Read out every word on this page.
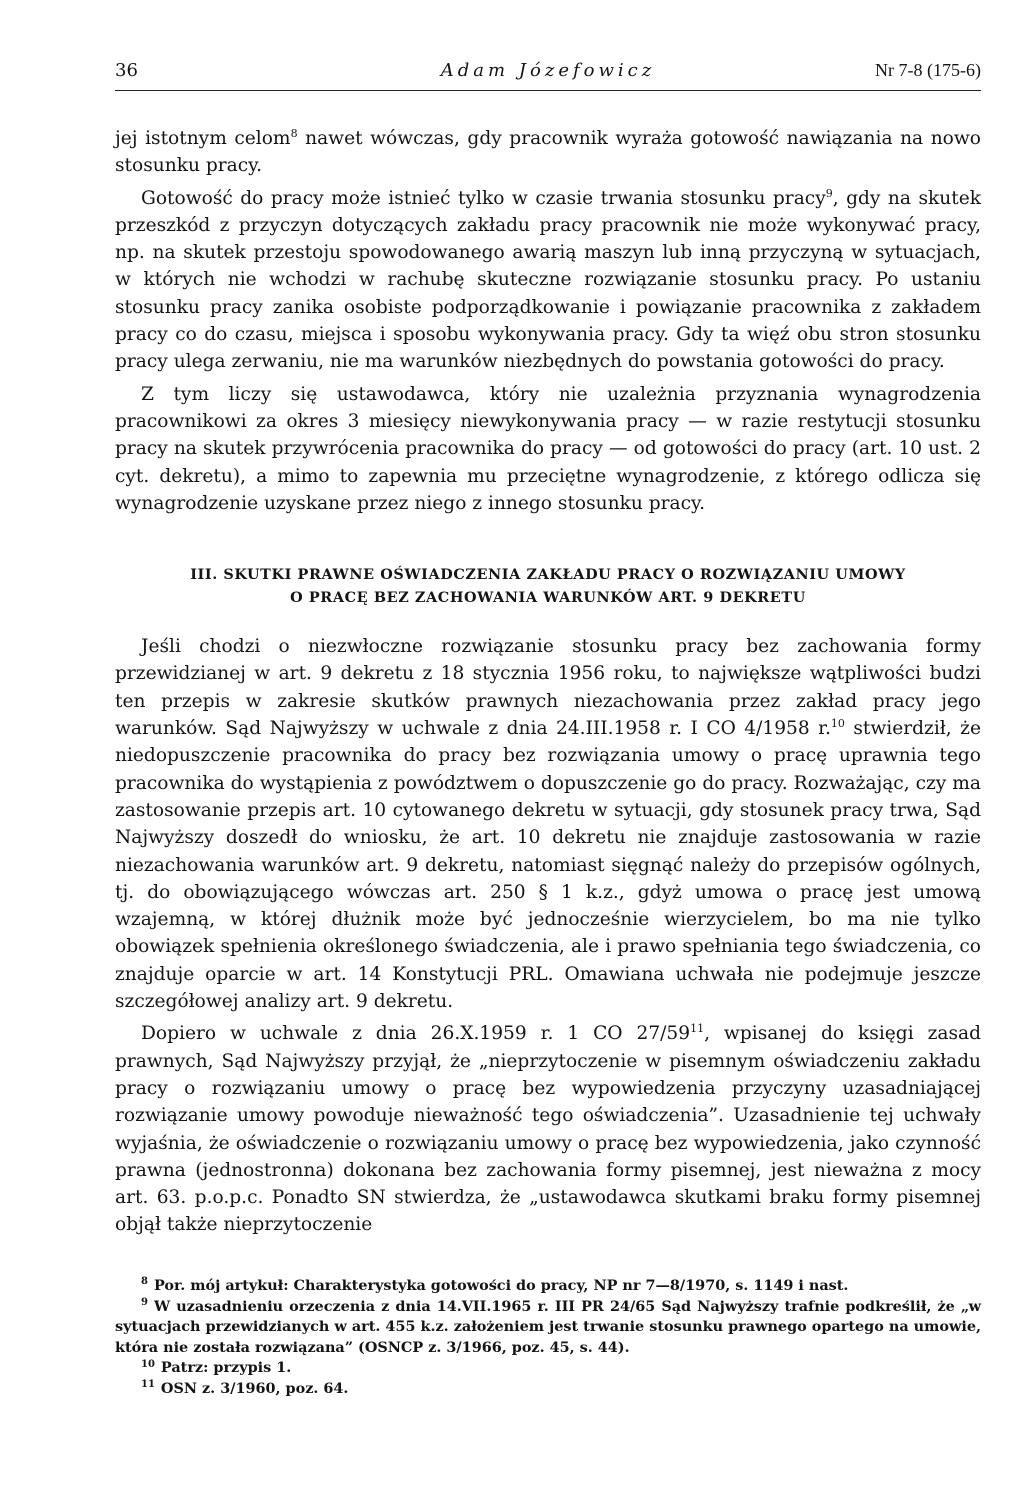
36	Adam Józefowicz	Nr 7-8 (175-6)

jej istotnym celom$^8$ nawet wówczas, gdy pracownik wyraża gotowość nawiązania na nowo stosunku pracy.

Gotowość do pracy może istnieć tylko w czasie trwania stosunku pracy$^9$, gdy na skutek przeszkód z przyczyn dotyczących zakładu pracy pracownik nie może wykonywać pracy, np. na skutek przestoju spowodowanego awarią maszyn lub inną przyczyną w sytuacjach, w których nie wchodzi w rachubę skuteczne rozwiązanie stosunku pracy. Po ustaniu stosunku pracy zanika osobiste podporządkowanie i powiązanie pracownika z zakładem pracy co do czasu, miejsca i sposobu wykonywania pracy. Gdy ta więź obu stron stosunku pracy ulega zerwaniu, nie ma warunków niezbędnych do powstania gotowości do pracy.

Z tym liczy się ustawodawca, który nie uzależnia przyznania wynagrodzenia pracownikowi za okres 3 miesięcy niewykonywania pracy — w razie restytucji stosunku pracy na skutek przywrócenia pracownika do pracy — od gotowości do pracy (art. 10 ust. 2 cyt. dekretu), a mimo to zapewnia mu przeciętne wynagrodzenie, z którego odlicza się wynagrodzenie uzyskane przez niego z innego stosunku pracy.

III. SKUTKI PRAWNE OŚWIADCZENIA ZAKŁADU PRACY O ROZWIĄZANIU UMOWY
O PRACĘ BEZ ZACHOWANIA WARUNKÓW ART. 9 DEKRETU

Jeśli chodzi o niezwłoczne rozwiązanie stosunku pracy bez zachowania formy przewidzianej w art. 9 dekretu z 18 stycznia 1956 roku, to największe wątpliwości budzi ten przepis w zakresie skutków prawnych niezachowania przez zakład pracy jego warunków. Sąd Najwyższy w uchwale z dnia 24.III.1958 r. I CO 4/1958 r.$^{10}$ stwierdził, że niedopuszczenie pracownika do pracy bez rozwiązania umowy o pracę uprawnia tego pracownika do wystąpienia z powództwem o dopuszczenie go do pracy. Rozważając, czy ma zastosowanie przepis art. 10 cytowanego dekretu w sytuacji, gdy stosunek pracy trwa, Sąd Najwyższy doszedł do wniosku, że art. 10 dekretu nie znajduje zastosowania w razie niezachowania warunków art. 9 dekretu, natomiast sięgnąć należy do przepisów ogólnych, tj. do obowiązującego wówczas art. 250 § 1 k.z., gdyż umowa o pracę jest umową wzajemną, w której dłużnik może być jednocześnie wierzycielem, bo ma nie tylko obowiązek spełnienia określonego świadczenia, ale i prawo spełniania tego świadczenia, co znajduje oparcie w art. 14 Konstytucji PRL. Omawiana uchwała nie podejmuje jeszcze szczegółowej analizy art. 9 dekretu.

Dopiero w uchwale z dnia 26.X.1959 r. 1 CO $27/59^{11}$, wpisanej do księgi zasad prawnych, Sąd Najwyższy przyjął, że „nieprzytoczenie w pisemnym oświadczeniu zakładu pracy o rozwiązaniu umowy o pracę bez wypowiedzenia przyczyny uzasadniającej rozwiązanie umowy powoduje nieważność tego oświadczenia”. Uzasadnienie tej uchwały wyjaśnia, że oświadczenie o rozwiązaniu umowy o pracę bez wypowiedzenia, jako czynność prawna (jednostronna) dokonana bez zachowania formy pisemnej, jest nieważna z mocy art. 63. p.o.p.c. Ponadto SN stwierdza, że „ustawodawca skutkami braku formy pisemnej objął także nieprzytoczenie

$^8$ Por. mój artykuł: Charakterystyka gotowości do pracy, NP nr 7—8/1970, s. 1149 i nast.

$^9$ W uzasadnieniu orzeczenia z dnia 14.VII.1965 r. III PR 24/65 Sąd Najwyższy trafnie podkreślił, że „w sytuacjach przewidzianych w art. 455 k.z. założeniem jest trwanie stosunku prawnego opartego na umowie, która nie została rozwiązana” (OSNCP z. 3/1966, poz. 45, s. 44).

$^{10}$ Patrz: przypis 1.

$^{11}$ OSN z. 3/1960, poz. 64.
